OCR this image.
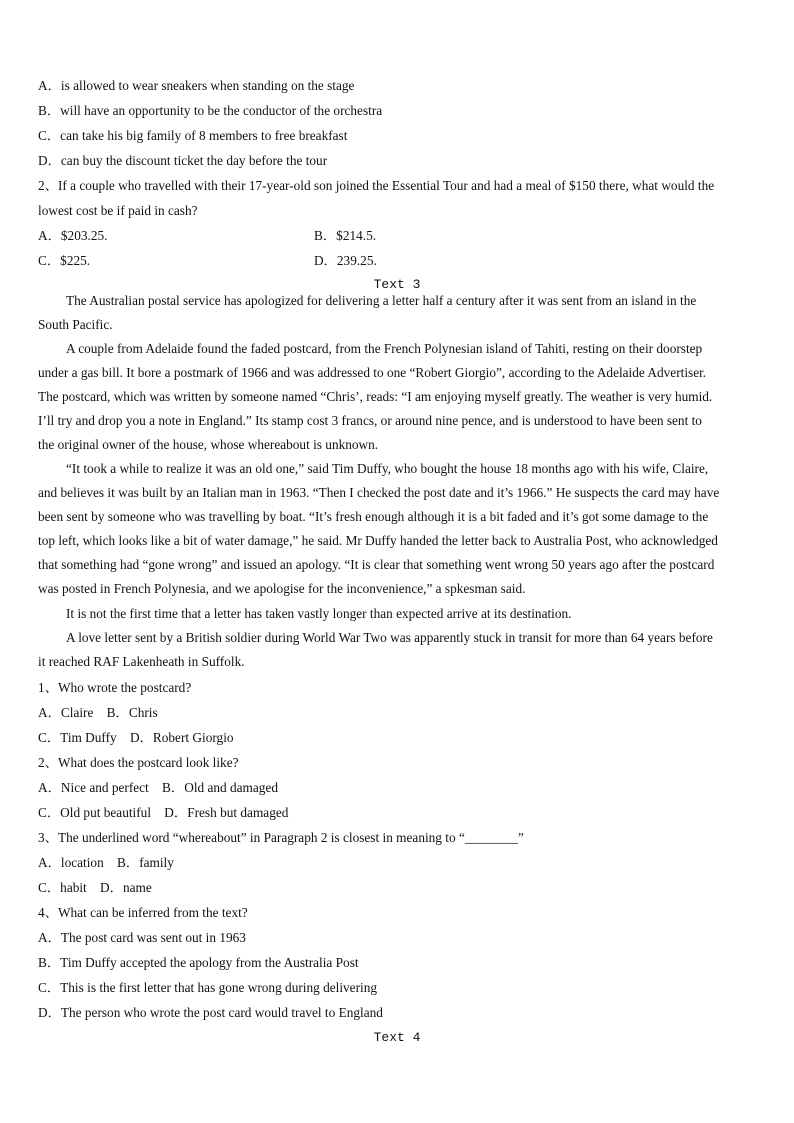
A．is allowed to wear sneakers when standing on the stage
B．will have an opportunity to be the conductor of the orchestra
C．can take his big family of 8 members to free breakfast
D．can buy the discount ticket the day before the tour
2、If a couple who travelled with their 17-year-old son joined the Essential Tour and had a meal of $150 there, what would the
lowest cost be if paid in cash?
A．$203.25.	B．$214.5.
C．$225.	D．239.25.
Text 3
The Australian postal service has apologized for delivering a letter half a century after it was sent from an island in the
South Pacific.
A couple from Adelaide found the faded postcard, from the French Polynesian island of Tahiti, resting on their doorstep
under a gas bill. It bore a postmark of 1966 and was addressed to one “Robert Giorgio”, according to the Adelaide Advertiser.
The postcard, which was written by someone named “Chris’, reads: “I am enjoying myself greatly. The weather is very humid.
I’ll try and drop you a note in England.” Its stamp cost 3 francs, or around nine pence, and is understood to have been sent to
the original owner of the house, whose whereabout is unknown.
“It took a while to realize it was an old one,” said Tim Duffy, who bought the house 18 months ago with his wife, Claire,
and believes it was built by an Italian man in 1963. “Then I checked the post date and it’s 1966.” He suspects the card may have
been sent by someone who was travelling by boat. “It’s fresh enough although it is a bit faded and it’s got some damage to the
top left, which looks like a bit of water damage,” he said. Mr Duffy handed the letter back to Australia Post, who acknowledged
that something had “gone wrong” and issued an apology. “It is clear that something went wrong 50 years ago after the postcard
was posted in French Polynesia, and we apologise for the inconvenience,” a spkesman said.
It is not the first time that a letter has taken vastly longer than expected arrive at its destination.
A love letter sent by a British soldier during World War Two was apparently stuck in transit for more than 64 years before
it reached RAF Lakenheath in Suffolk.
1、Who wrote the postcard?
A．Claire　B．Chris
C．Tim Duffy　D．Robert Giorgio
2、What does the postcard look like?
A．Nice and perfect　B．Old and damaged
C．Old put beautiful　D．Fresh but damaged
3、The underlined word “whereabout” in Paragraph 2 is closest in meaning to “________”
A．location　B．family
C．habit　D．name
4、What can be inferred from the text?
A．The post card was sent out in 1963
B．Tim Duffy accepted the apology from the Australia Post
C．This is the first letter that has gone wrong during delivering
D．The person who wrote the post card would travel to England
Text 4
